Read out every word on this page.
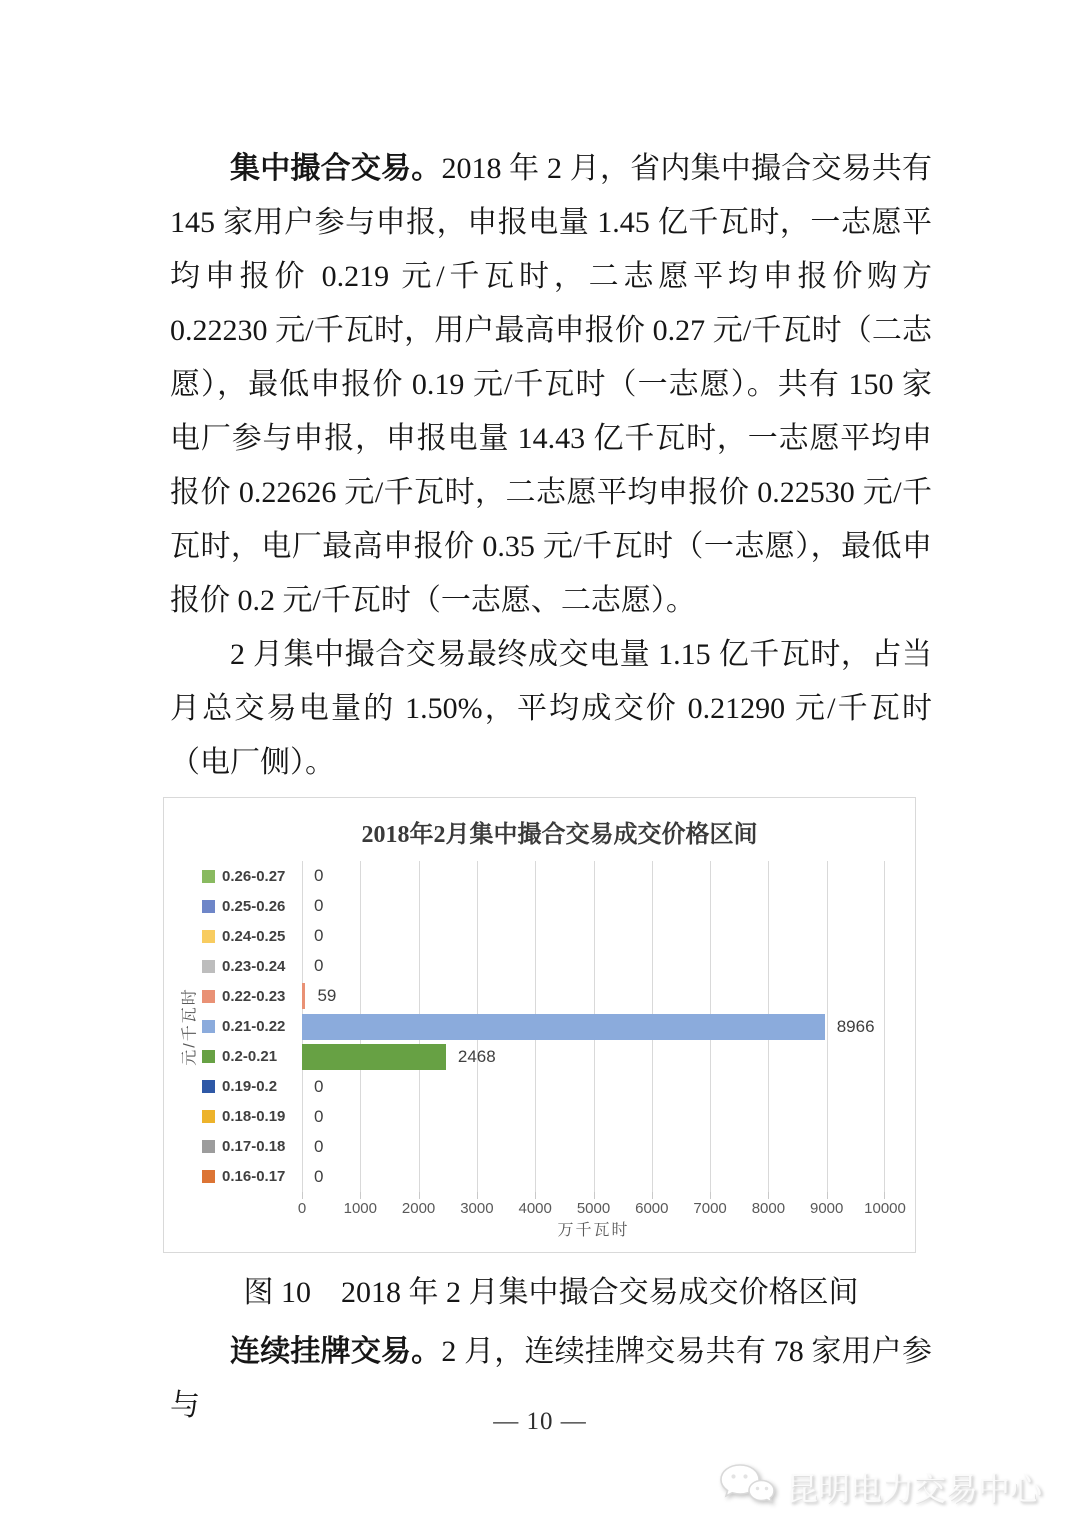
集中撮合交易。2018 年 2 月，省内集中撮合交易共有 145 家用户参与申报，申报电量 1.45 亿千瓦时，一志愿平均申报价 0.219 元/千瓦时，二志愿平均申报价购方 0.22230 元/千瓦时，用户最高申报价 0.27 元/千瓦时（二志愿），最低申报价 0.19 元/千瓦时（一志愿）。共有 150 家电厂参与申报，申报电量 14.43 亿千瓦时，一志愿平均申报价 0.22626 元/千瓦时，二志愿平均申报价 0.22530 元/千瓦时，电厂最高申报价 0.35 元/千瓦时（一志愿），最低申报价 0.2 元/千瓦时（一志愿、二志愿）。

2 月集中撮合交易最终成交电量 1.15 亿千瓦时，占当月总交易电量的 1.50%，平均成交价 0.21290 元/千瓦时（电厂侧）。

2018年2月集中撮合交易成交价格区间
元/千瓦时
0.26-0.27
0.25-0.26
0.24-0.25
0.23-0.24
0.22-0.23
0.21-0.22
0.2-0.21
0.19-0.2
0.18-0.19
0.17-0.18
0.16-0.17
0
0
0
0
59
8966
2468
0
0
0
0
0 1000 2000 3000 4000 5000 6000 7000 8000 9000 10000
万千瓦时
图 10　2018 年 2 月集中撮合交易成交价格区间

连续挂牌交易。2 月，连续挂牌交易共有 78 家用户参与	— 10 —
昆明电力交易中心
